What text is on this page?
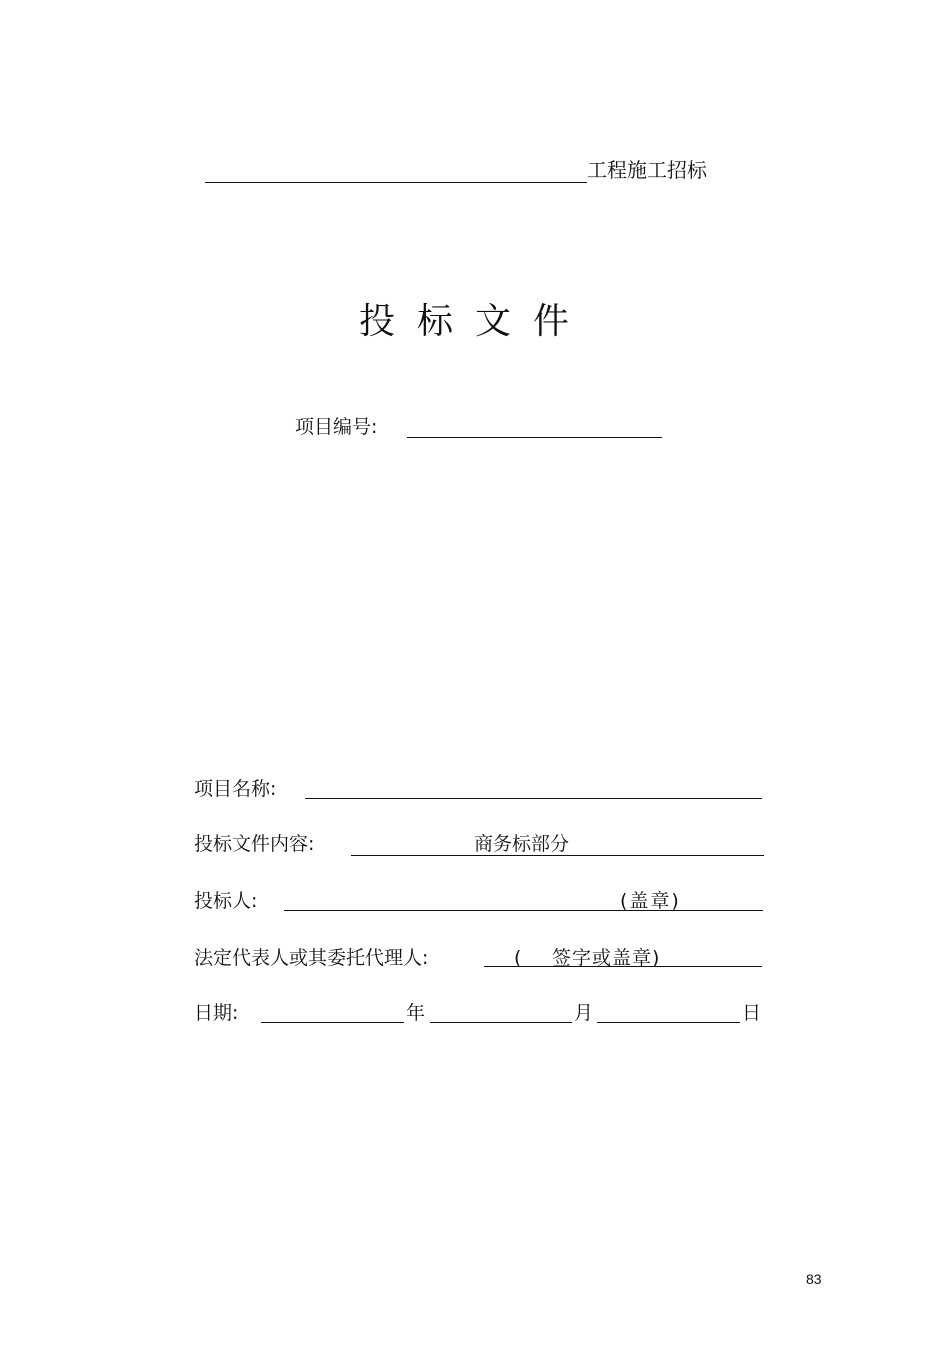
工程施工招标
投标文件
项目编号:
项目名称:
投标文件内容:	商务标部分
投标人:	(盖章)
法定代表人或其委托代理人:	( 签字或盖章)
日期:	年	月	日
83
